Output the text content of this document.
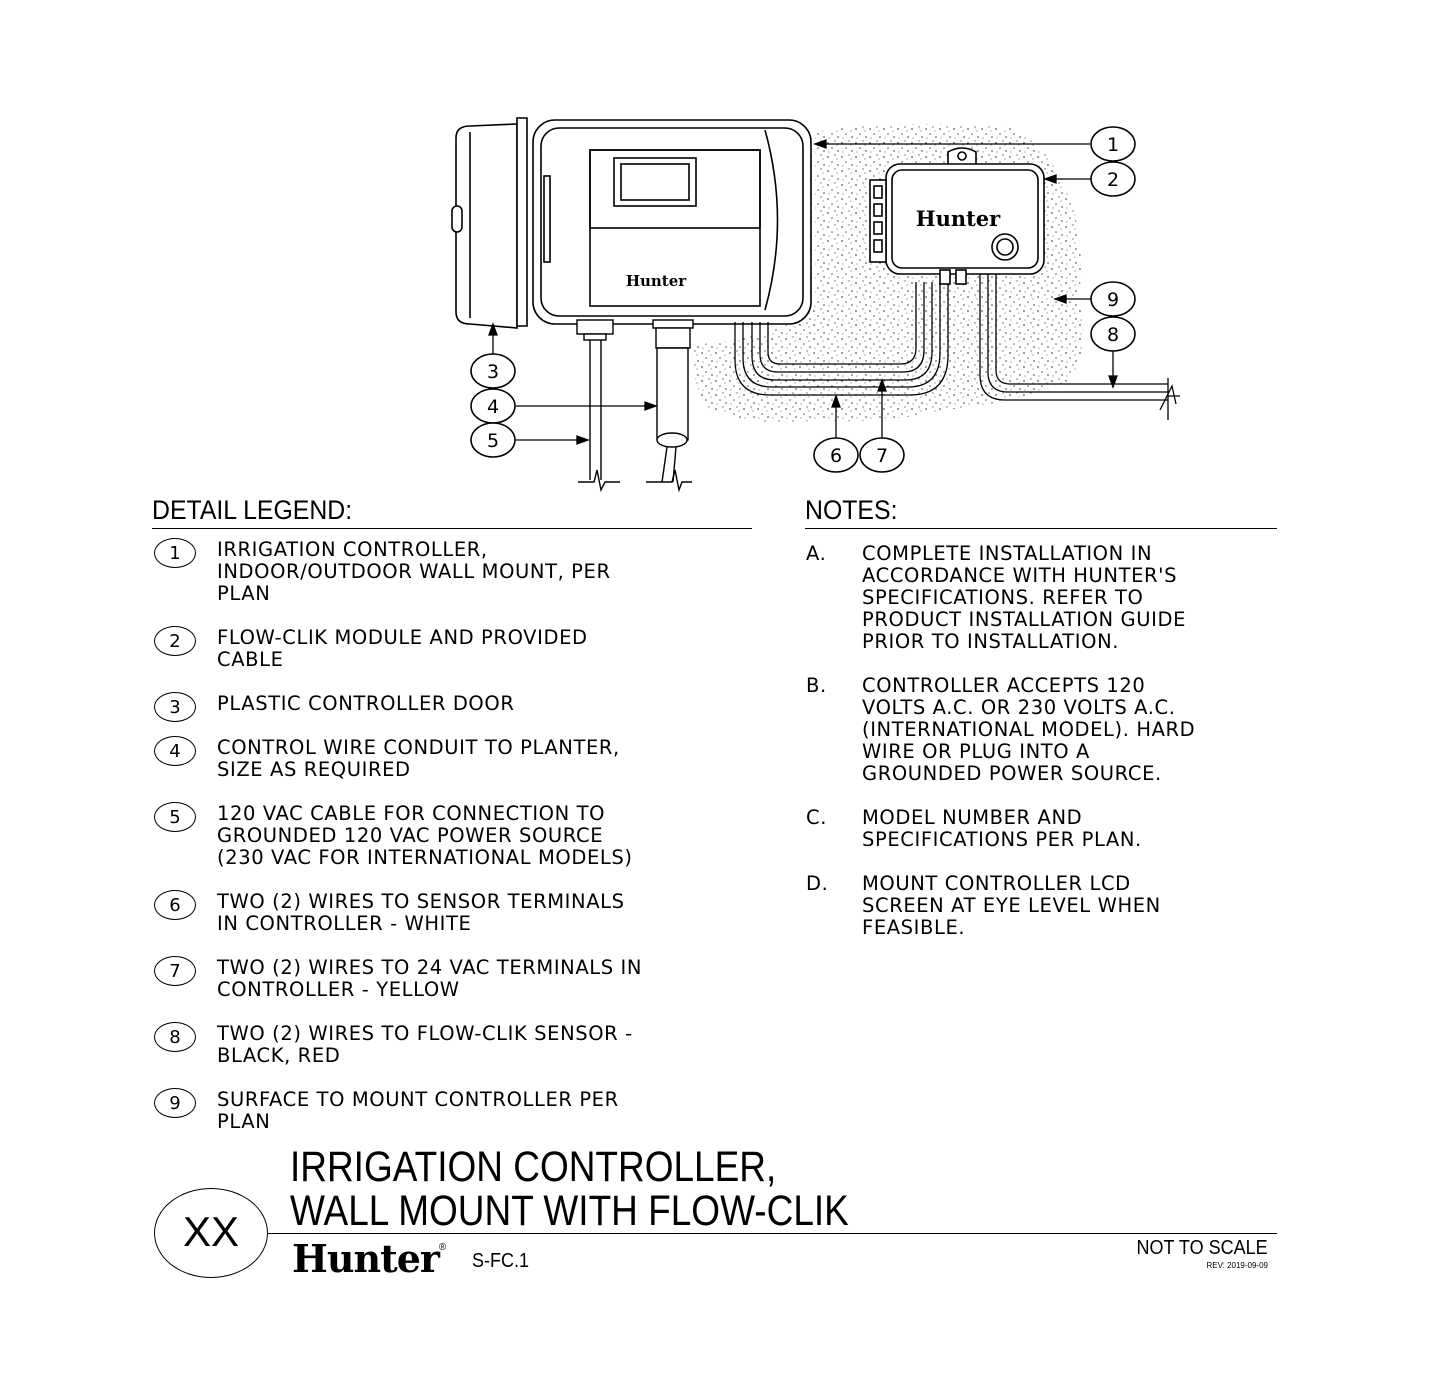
Hunter
Hunter
1
2
3
4
5
6 7
8
9
DETAIL LEGEND:
1	IRRIGATION CONTROLLER,
INDOOR/OUTDOOR WALL MOUNT, PER
PLAN
2	FLOW-CLIK MODULE AND PROVIDED
CABLE
3	PLASTIC CONTROLLER DOOR
4	CONTROL WIRE CONDUIT TO PLANTER,
SIZE AS REQUIRED
5	120 VAC CABLE FOR CONNECTION TO
GROUNDED 120 VAC POWER SOURCE
(230 VAC FOR INTERNATIONAL MODELS)
6	TWO (2) WIRES TO SENSOR TERMINALS
IN CONTROLLER - WHITE
7	TWO (2) WIRES TO 24 VAC TERMINALS IN
CONTROLLER - YELLOW
8	TWO (2) WIRES TO FLOW-CLIK SENSOR -
BLACK, RED
9	SURFACE TO MOUNT CONTROLLER PER
PLAN
NOTES:
A. COMPLETE INSTALLATION IN
ACCORDANCE WITH HUNTER'S
SPECIFICATIONS. REFER TO
PRODUCT INSTALLATION GUIDE
PRIOR TO INSTALLATION.
B. CONTROLLER ACCEPTS 120
VOLTS A.C. OR 230 VOLTS A.C.
(INTERNATIONAL MODEL). HARD
WIRE OR PLUG INTO A
GROUNDED POWER SOURCE.
C. MODEL NUMBER AND
SPECIFICATIONS PER PLAN.
D. MOUNT CONTROLLER LCD
SCREEN AT EYE LEVEL WHEN
FEASIBLE.
IRRIGATION CONTROLLER,
WALL MOUNT WITH FLOW-CLIK
XX
Hunter®
S-FC.1
NOT TO SCALE
REV: 2019-09-09
